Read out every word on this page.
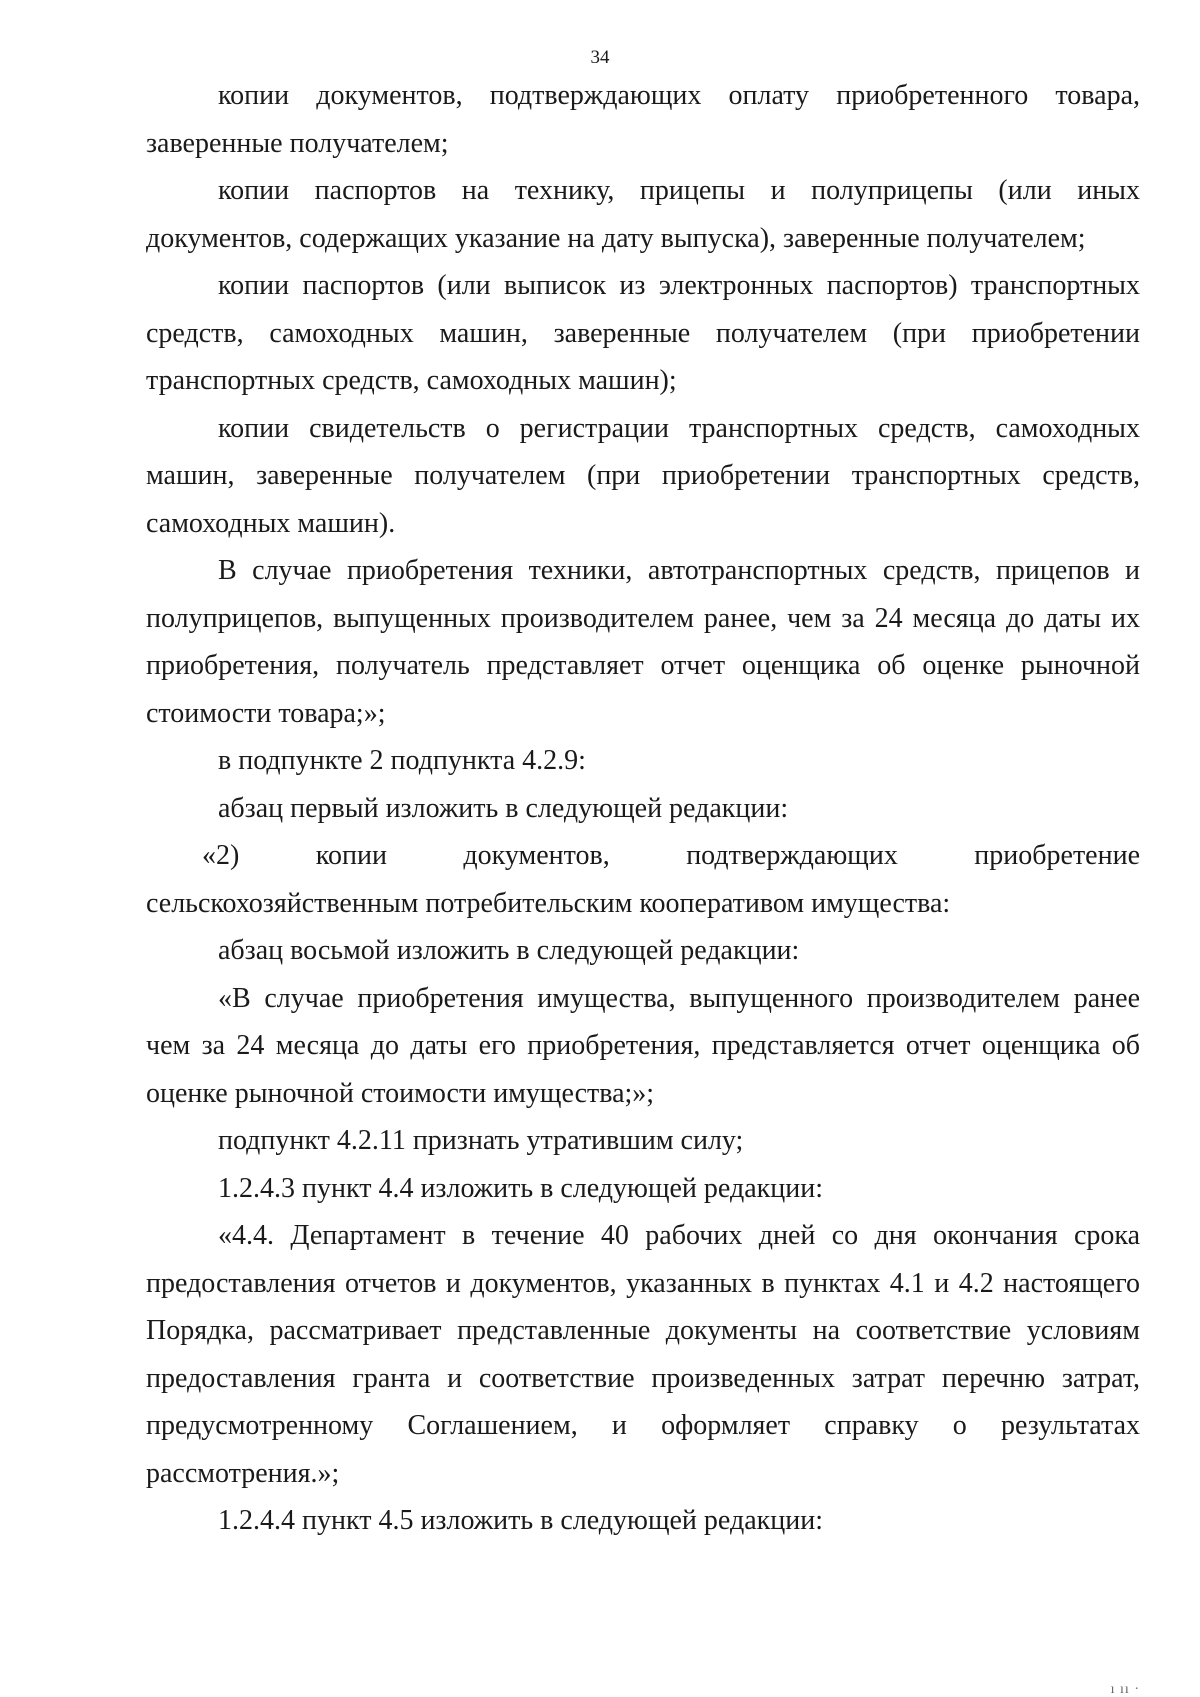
34

копии документов, подтверждающих оплату приобретенного товара, заверенные получателем;

копии паспортов на технику, прицепы и полуприцепы (или иных документов, содержащих указание на дату выпуска), заверенные получателем;

копии паспортов (или выписок из электронных паспортов) транспортных средств, самоходных машин, заверенные получателем (при приобретении транспортных средств, самоходных машин);

копии свидетельств о регистрации транспортных средств, самоходных машин, заверенные получателем (при приобретении транспортных средств, самоходных машин).

В случае приобретения техники, автотранспортных средств, прицепов и полуприцепов, выпущенных производителем ранее, чем за 24 месяца до даты их приобретения, получатель представляет отчет оценщика об оценке рыночной стоимости товара;»;

в подпункте 2 подпункта 4.2.9:

абзац первый изложить в следующей редакции:

«2) копии документов, подтверждающих приобретение сельскохозяйственным потребительским кооперативом имущества:

абзац восьмой изложить в следующей редакции:

«В случае приобретения имущества, выпущенного производителем ранее чем за 24 месяца до даты его приобретения, представляется отчет оценщика об оценке рыночной стоимости имущества;»;

подпункт 4.2.11 признать утратившим силу;

1.2.4.3 пункт 4.4 изложить в следующей редакции:

«4.4. Департамент в течение 40 рабочих дней со дня окончания срока предоставления отчетов и документов, указанных в пунктах 4.1 и 4.2 настоящего Порядка, рассматривает представленные документы на соответствие условиям предоставления гранта и соответствие произведенных затрат перечню затрат, предусмотренному Соглашением, и оформляет справку о результатах рассмотрения.»;

1.2.4.4 пункт 4.5 изложить в следующей редакции:

ı ıı ·
